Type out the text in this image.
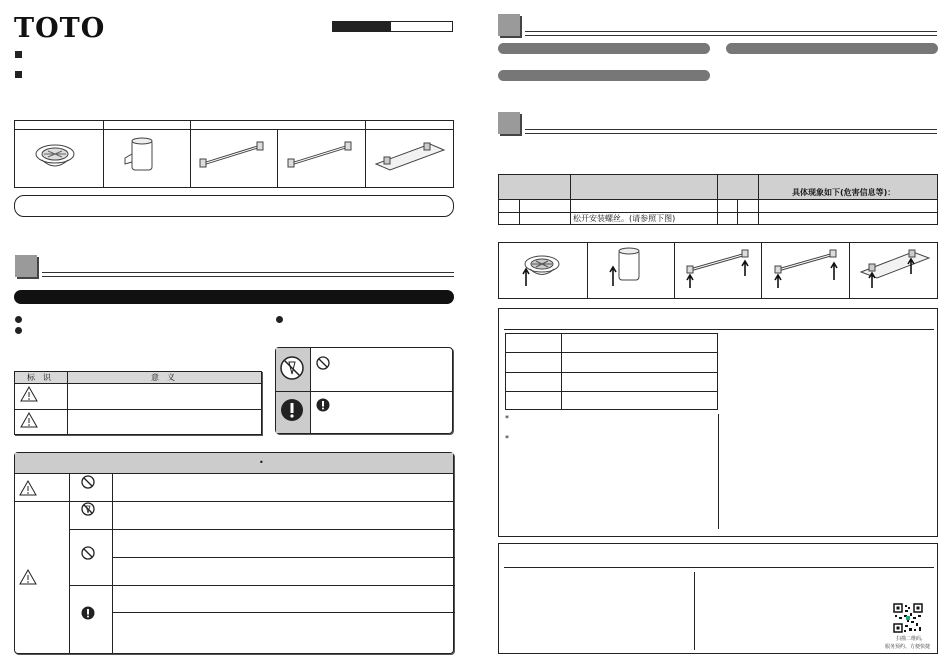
TOTO
标　识	意　义
•
具体现象如下(危害信息等)：
松开安装螺丝。(请参照下图)
*
*
扫描二维码,
服务预约、方便快捷
